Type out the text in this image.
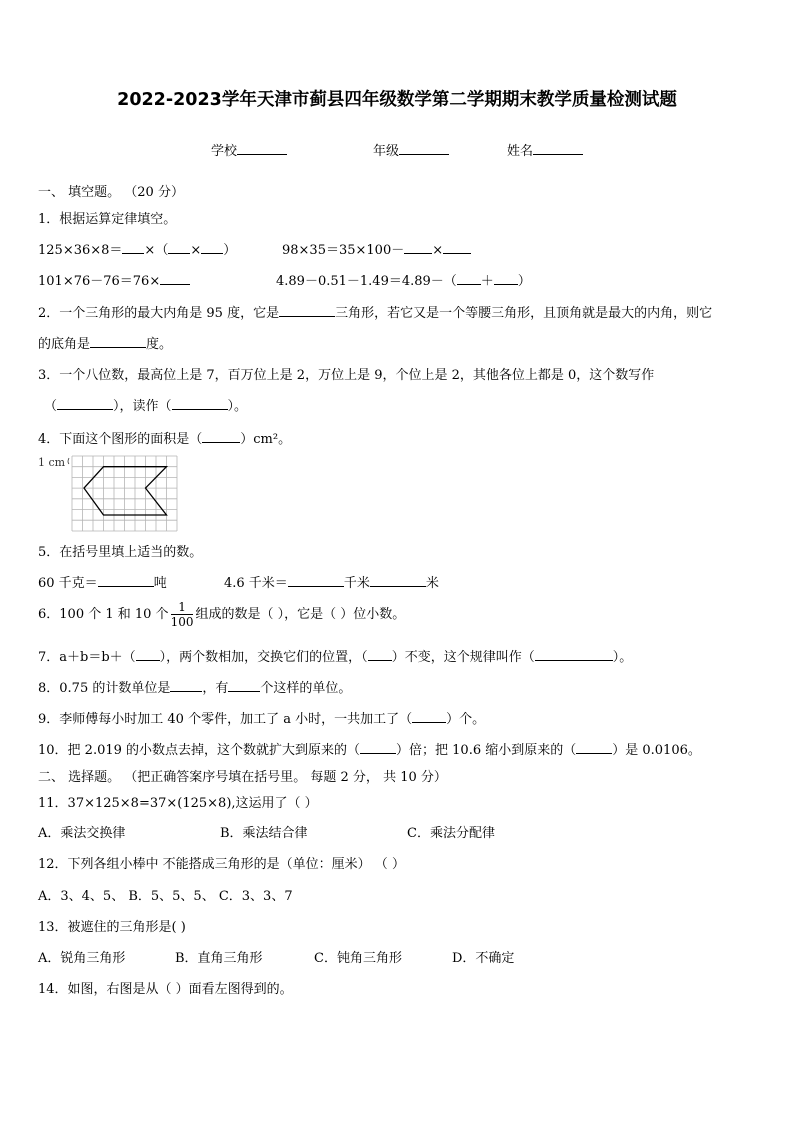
2022-2023学年天津市蓟县四年级数学第二学期期末教学质量检测试题
学校	年级	姓名
一、 填空题。 （20 分）
1．根据运算定律填空。
125×36×8＝ ×（ × ）	98×35＝35×100－ ×
101×76－76＝76×	4.89－0.51－1.49＝4.89－（ ＋ ）
2．一个三角形的最大内角是 95 度，它是	三角形，若它又是一个等腰三角形，且顶角就是最大的内角，则它
的底角是	度。
3．一个八位数，最高位上是 7，百万位上是 2，万位上是 9，个位上是 2，其他各位上都是 0，这个数写作
（	），读作（	）。
4．下面这个图形的面积是（	）cm²。
1 cm
5．在括号里填上适当的数。
60 千克＝	吨	4.6 千米＝	千米	米
6．100 个 1 和 10 个 $\frac{1}{100}$ 组成的数是（ ），它是（ ）位小数。
7．a＋b＝b＋（ ），两个数相加，交换它们的位置，（ ）不变，这个规律叫作（	）。
8．0.75 的计数单位是 ，有 个这样的单位。
9．李师傅每小时加工 40 个零件，加工了 a 小时，一共加工了（	）个。
10．把 2.019 的小数点去掉，这个数就扩大到原来的（	）倍；把 10.6 缩小到原来的（	）是 0.0106。
二、 选择题。 （把正确答案序号填在括号里。 每题 2 分， 共 10 分）
11．37×125×8=37×(125×8),这运用了（ ）
A．乘法交换律	B．乘法结合律	C．乘法分配律
12．下列各组小棒中 不能搭成三角形的是（单位：厘米） （ ）
A．3、4、5、 B．5、5、5、 C．3、3、7
13．被遮住的三角形是( )
A．锐角三角形	B．直角三角形	C．钝角三角形	D．不确定
14．如图，右图是从（ ）面看左图得到的。
